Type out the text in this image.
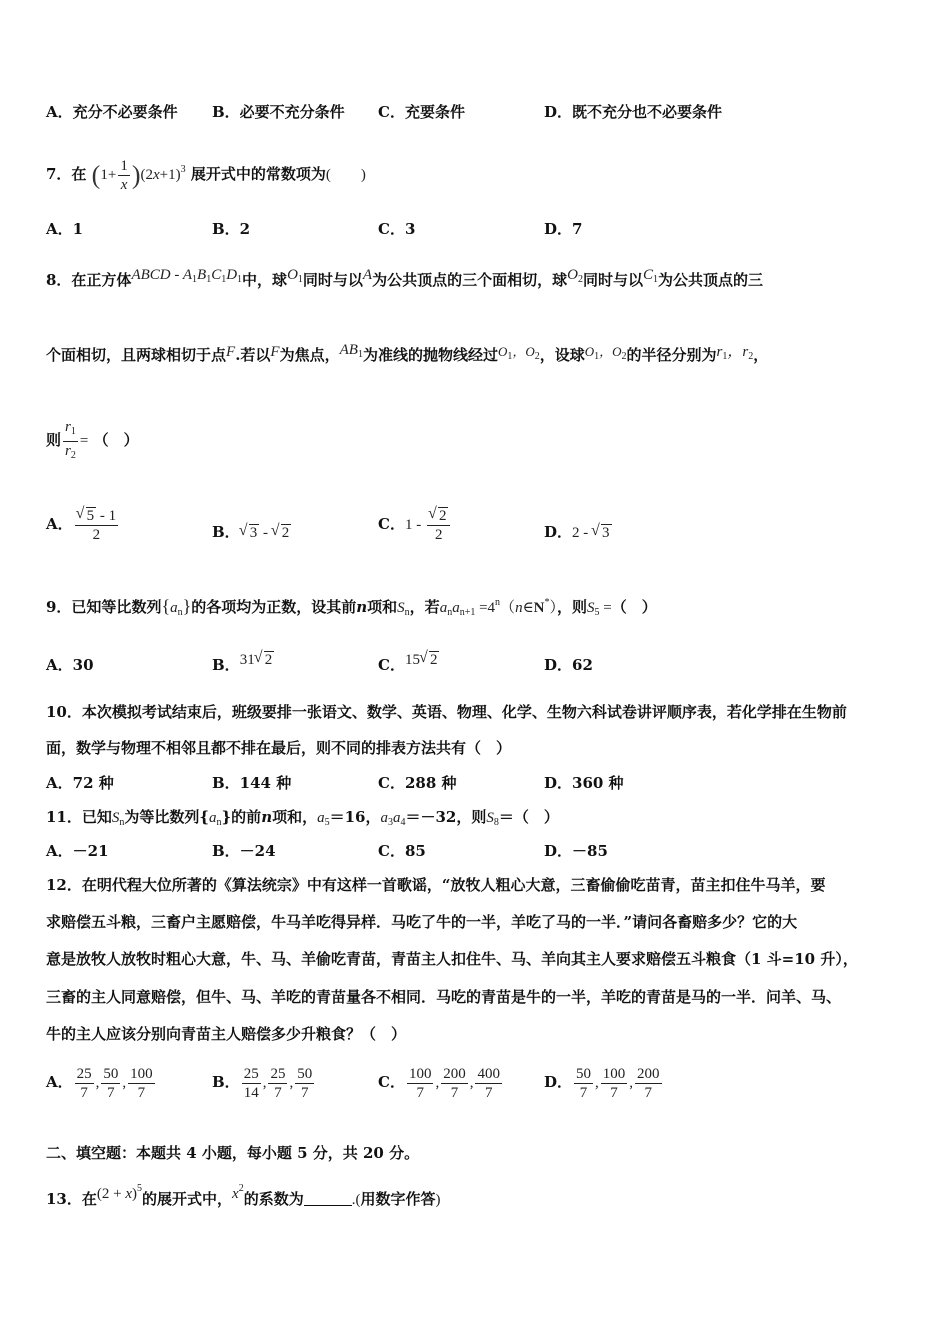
A．充分不必要条件 B．必要不充分条件 C．充要条件	D．既不充分也不必要条件
7．在 $(1+ \frac{1}{x} )(2x+1)^3$ 展开式中的常数项为(　　)
A．1	B．2	C．3	D．7
8．在正方体ABCD - $A_1B_1C_1D_1$中，球$O_1$同时与以A为公共顶点的三个面相切，球$O_2$同时与以$C_1$为公共顶点的三
个面相切，且两球相切于点F.若以F为焦点，$AB_1$为准线的抛物线经过$O_1$，$O_2$，设球$O_1$，$O_2$的半径分别为$r_1$，$r_2$，
则 $\frac{r_1}{r_2}$ = （　）
A． √ $\frac{5 - 1}{2}$	B． √ 3 - √ 2	C．1 - √ $\frac{2}{2}$	D．2 - √ 3
9．已知等比数列$\{a_n\}$的各项均为正数，设其前n项和$S_n$，若$a_na_{n+1}$ $=4^n(n\in N^*)$，则$S_5$ =（　）
A．30	B．31 √ 2	C．15 √ 2	D．62
10．本次模拟考试结束后，班级要排一张语文、数学、英语、物理、化学、生物六科试卷讲评顺序表，若化学排在生物前
面，数学与物理不相邻且都不排在最后，则不同的排表方法共有（　）
A．72 种	B．144 种	C．288 种	D．360 种
11．已知$S_n$为等比数列$\{a_n\}$的前n项和，$a_5=16$，$a_3a_4=-32$，则$S_8=$（　）
A．－21	B．－24	C．85	D．－85
12．在明代程大位所著的《算法统宗》中有这样一首歌谣，“放牧人粗心大意，三畜偷偷吃苗青，苗主扣住牛马羊，要
求赔偿五斗粮，三畜户主愿赔偿，牛马羊吃得异样．马吃了牛的一半，羊吃了马的一半．”请问各畜赔多少？它的大
意是放牧人放牧时粗心大意，牛、马、羊偷吃青苗，青苗主人扣住牛、马、羊向其主人要求赔偿五斗粮食（1 斗=10 升），
三畜的主人同意赔偿，但牛、马、羊吃的青苗量各不相同．马吃的青苗是牛的一半，羊吃的青苗是马的一半．问羊、马、
牛的主人应该分别向青苗主人赔偿多少升粮食？（　）
A． $\frac{25}{7}$ , $\frac{50}{7}$ , $\frac{100}{7}$	B． $\frac{25}{14}$ , $\frac{25}{7}$ , $\frac{50}{7}$	C． $\frac{100}{7}$ , $\frac{200}{7}$ , $\frac{400}{7}$	D． $\frac{50}{7}$ , $\frac{100}{7}$ , $\frac{200}{7}$
二、填空题：本题共 4 小题，每小题 5 分，共 20 分。
13．在$(2 + x)^5$的展开式中，$x^2$的系数为	.(用数字作答)
